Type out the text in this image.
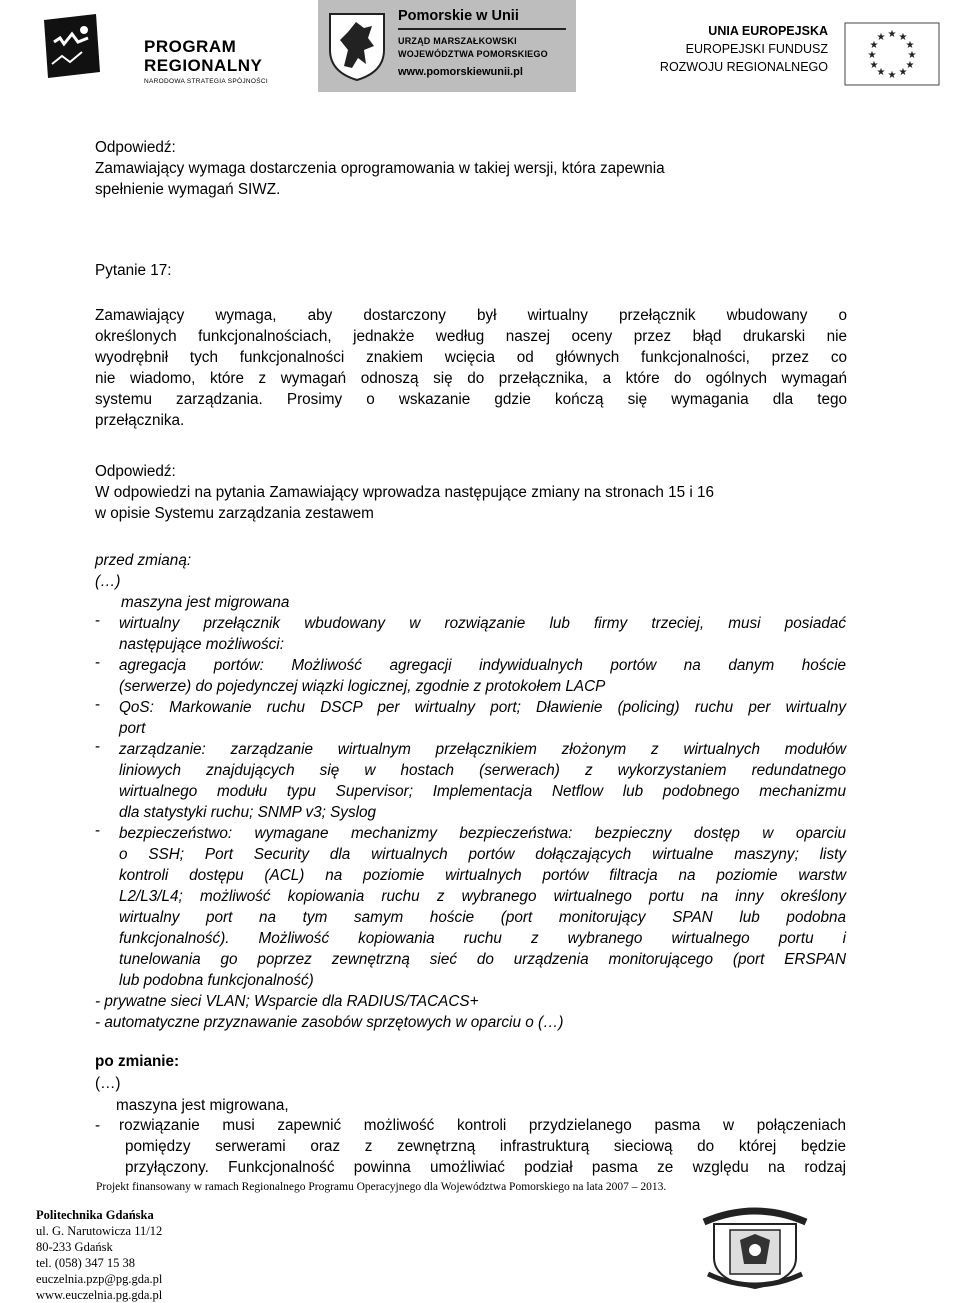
PROGRAM
REGIONALNY
NARODOWA STRATEGIA SPÓJNOŚCI
Pomorskie w Unii
URZĄD MARSZAŁKOWSKI
WOJEWÓDZTWA POMORSKIEGO
www.pomorskiewunii.pl
UNIA EUROPEJSKA
EUROPEJSKI FUNDUSZ
ROZWOJU REGIONALNEGO
★ ★
★
★
★
★
★
★
★
★
★
★
Odpowiedź:
Zamawiający wymaga dostarczenia oprogramowania w takiej wersji, która zapewnia
spełnienie wymagań SIWZ.
Pytanie 17:
Zamawiający wymaga, aby dostarczony był wirtualny przełącznik wbudowany o
określonych funkcjonalnościach, jednakże według naszej oceny przez błąd drukarski nie
wyodrębnił tych funkcjonalności znakiem wcięcia od głównych funkcjonalności, przez co
nie wiadomo, które z wymagań odnoszą się do przełącznika, a które do ogólnych wymagań
systemu zarządzania. Prosimy o wskazanie gdzie kończą się wymagania dla tego
przełącznika.
Odpowiedź:
W odpowiedzi na pytania Zamawiający wprowadza następujące zmiany na stronach 15 i 16
w opisie Systemu zarządzania zestawem
przed zmianą:
(…)
maszyna jest migrowana
- wirtualny przełącznik wbudowany w rozwiązanie lub firmy trzeciej, musi posiadać
następujące możliwości:
- agregacja portów: Możliwość agregacji indywidualnych portów na danym hoście
(serwerze) do pojedynczej wiązki logicznej, zgodnie z protokołem LACP
- QoS: Markowanie ruchu DSCP per wirtualny port; Dławienie (policing) ruchu per wirtualny
port
- zarządzanie: zarządzanie wirtualnym przełącznikiem złożonym z wirtualnych modułów
liniowych znajdujących się w hostach (serwerach) z wykorzystaniem redundatnego
wirtualnego modułu typu Supervisor; Implementacja Netflow lub podobnego mechanizmu
dla statystyki ruchu; SNMP v3; Syslog
- bezpieczeństwo: wymagane mechanizmy bezpieczeństwa: bezpieczny dostęp w oparciu
o SSH; Port Security dla wirtualnych portów dołączających wirtualne maszyny; listy
kontroli dostępu (ACL) na poziomie wirtualnych portów filtracja na poziomie warstw
L2/L3/L4; możliwość kopiowania ruchu z wybranego wirtualnego portu na inny określony
wirtualny port na tym samym hoście (port monitorujący SPAN lub podobna
funkcjonalność). Możliwość kopiowania ruchu z wybranego wirtualnego portu i
tunelowania go poprzez zewnętrzną sieć do urządzenia monitorującego (port ERSPAN
lub podobna funkcjonalność)
- prywatne sieci VLAN; Wsparcie dla RADIUS/TACACS+
- automatyczne przyznawanie zasobów sprzętowych w oparciu o (…)
po zmianie:
(…)
maszyna jest migrowana,
- rozwiązanie musi zapewnić możliwość kontroli przydzielanego pasma w połączeniach
pomiędzy serwerami oraz z zewnętrzną infrastrukturą sieciową do której będzie
przyłączony. Funkcjonalność powinna umożliwiać podział pasma ze względu na rodzaj
Projekt finansowany w ramach Regionalnego Programu Operacyjnego dla Województwa Pomorskiego na lata 2007 – 2013.
Politechnika Gdańska
ul. G. Narutowicza 11/12
80-233 Gdańsk
tel. (058) 347 15 38
euczelnia.pzp@pg.gda.pl
www.euczelnia.pg.gda.pl
